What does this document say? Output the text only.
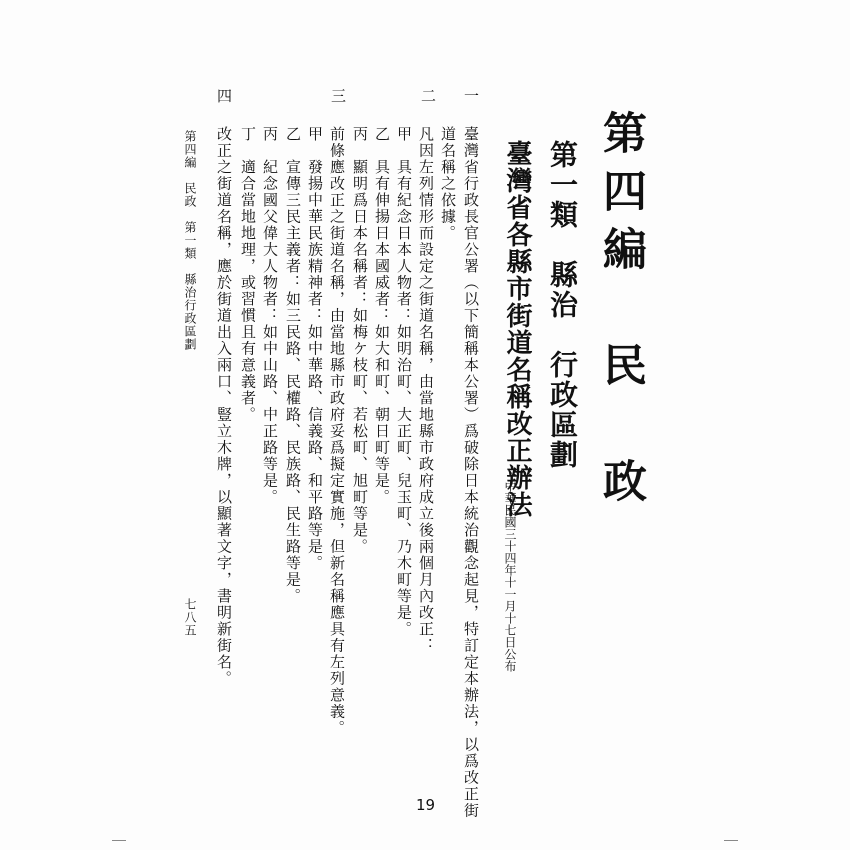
第四編　民　政
第一類　縣治　行政區劃
臺灣省各縣市街道名稱改正辦法
中華民國三十四年十一月十七日公布
一
臺灣省行政長官公署（以下簡稱本公署）爲破除日本統治觀念起見，特訂定本辦法，以爲改正街
道名稱之依據。
二
凡因左列情形而設定之街道名稱，由當地縣市政府成立後兩個月內改正：
甲　具有紀念日本人物者：如明治町、大正町、兒玉町、乃木町等是。
乙　具有伸揚日本國威者：如大和町、朝日町等是。
丙　顯明爲日本名稱者：如梅ケ枝町、若松町、旭町等是。
三
前條應改正之街道名稱，由當地縣市政府妥爲擬定實施，但新名稱應具有左列意義。
甲　發揚中華民族精神者：如中華路、信義路、和平路等是。
乙　宣傳三民主義者：如三民路、民權路、民族路、民生路等是。
丙　紀念國父偉大人物者：如中山路、中正路等是。
丁　適合當地地理，或習慣且有意義者。
四
改正之街道名稱，應於街道出入兩口、豎立木牌，以顯著文字，書明新街名。
第四編　民政　第一類　縣治行政區劃
七八五
19
